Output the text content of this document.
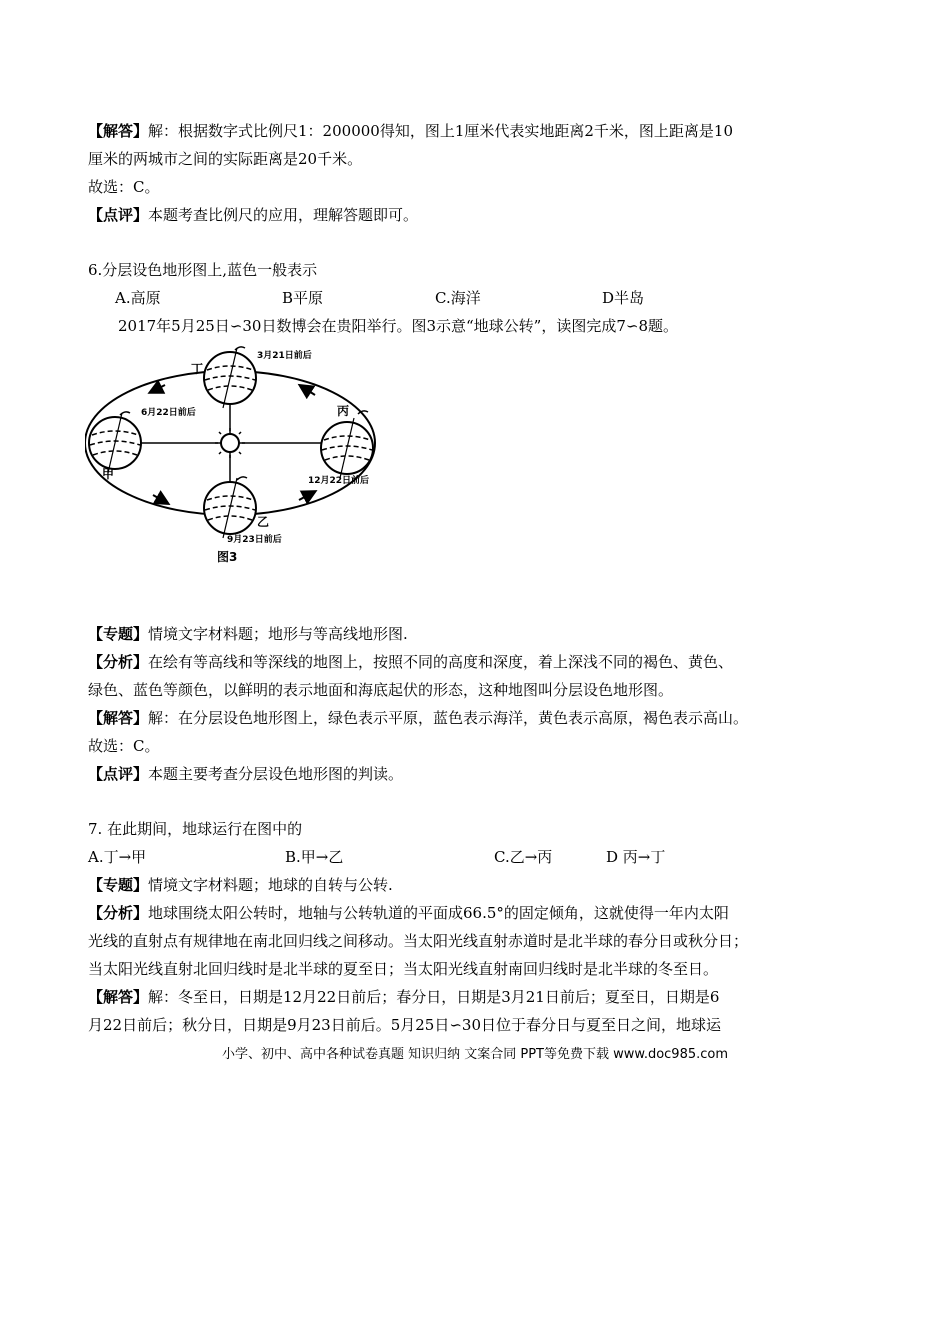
【解答】解：根据数字式比例尺1：200000得知，图上1厘米代表实地距离2千米，图上距离是10
厘米的两城市之间的实际距离是20千米。
故选：C。
【点评】本题考查比例尺的应用，理解答题即可。
6.分层设色地形图上,蓝色一般表示
A.高原	B平原	C.海洋	D半岛
2017年5月25日∽30日数博会在贵阳举行。图3示意“地球公转”，读图完成7∽8题。
丁
3月21日前后
6月22日前后
甲
丙
12月22日前后
乙
9月23日前后
图3
【专题】情境文字材料题；地形与等高线地形图.
【分析】在绘有等高线和等深线的地图上，按照不同的高度和深度，着上深浅不同的褐色、黄色、
绿色、蓝色等颜色，以鲜明的表示地面和海底起伏的形态，这种地图叫分层设色地形图。
【解答】解：在分层设色地形图上，绿色表示平原，蓝色表示海洋，黄色表示高原，褐色表示高山。
故选：C。
【点评】本题主要考查分层设色地形图的判读。
7. 在此期间，地球运行在图中的
A.丁→甲	B.甲→乙	C.乙→丙	D 丙→丁
【专题】情境文字材料题；地球的自转与公转.
【分析】地球围绕太阳公转时，地轴与公转轨道的平面成66.5°的固定倾角，这就使得一年内太阳
光线的直射点有规律地在南北回归线之间移动。当太阳光线直射赤道时是北半球的春分日或秋分日；
当太阳光线直射北回归线时是北半球的夏至日；当太阳光线直射南回归线时是北半球的冬至日。
【解答】解：冬至日，日期是12月22日前后；春分日，日期是3月21日前后；夏至日，日期是6
月22日前后；秋分日，日期是9月23日前后。5月25日∽30日位于春分日与夏至日之间，地球运
小学、初中、高中各种试卷真题 知识归纳 文案合同 PPT等免费下载 www.doc985.com
